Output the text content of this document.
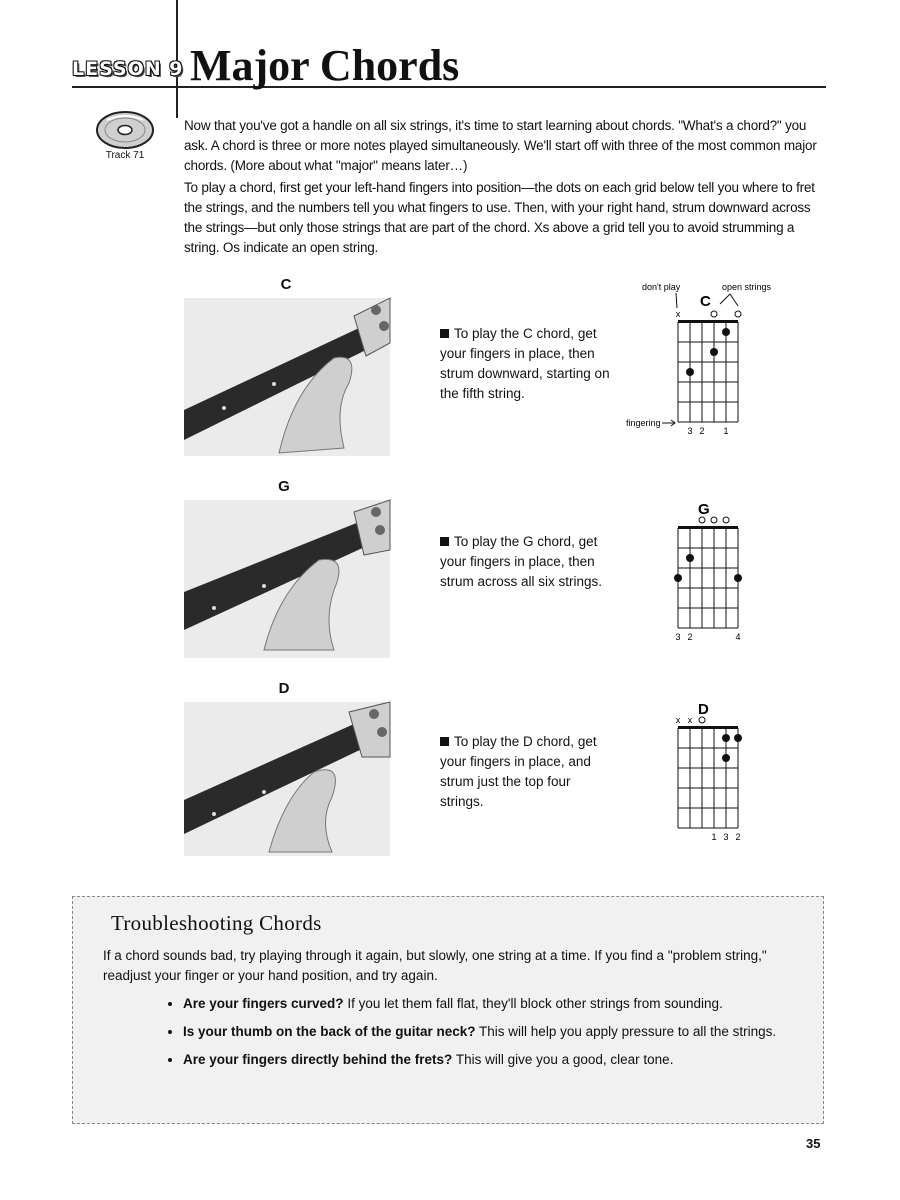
LESSON 9 Major Chords
Track 71

Now that you've got a handle on all six strings, it's time to start learning about chords. "What's a chord?" you ask. A chord is three or more notes played simultaneously. We'll start off with three of the most common major chords. (More about what "major" means later…)

To play a chord, first get your left-hand fingers into position—the dots on each grid below tell you where to fret the strings, and the numbers tell you what fingers to use. Then, with your right hand, strum downward across the strings—but only those strings that are part of the chord. Xs above a grid tell you to avoid strumming a string. Os indicate an open string.

C

To play the C chord, get your fingers in place, then strum downward, starting on the fifth string.

don't play	open strings
C
x
3 2 1
fingering
G

To play the G chord, get your fingers in place, then strum across all six strings.

G
3 2	4
D

To play the D chord, get your fingers in place, and strum just the top four strings.

D
x x
1 3 2
Troubleshooting Chords

If a chord sounds bad, try playing through it again, but slowly, one string at a time. If you find a "problem string," readjust your finger or your hand position, and try again.

• Are your fingers curved? If you let them fall flat, they'll block other strings from sounding.
• Is your thumb on the back of the guitar neck? This will help you apply pressure to all the strings.
• Are your fingers directly behind the frets? This will give you a good, clear tone.
35
